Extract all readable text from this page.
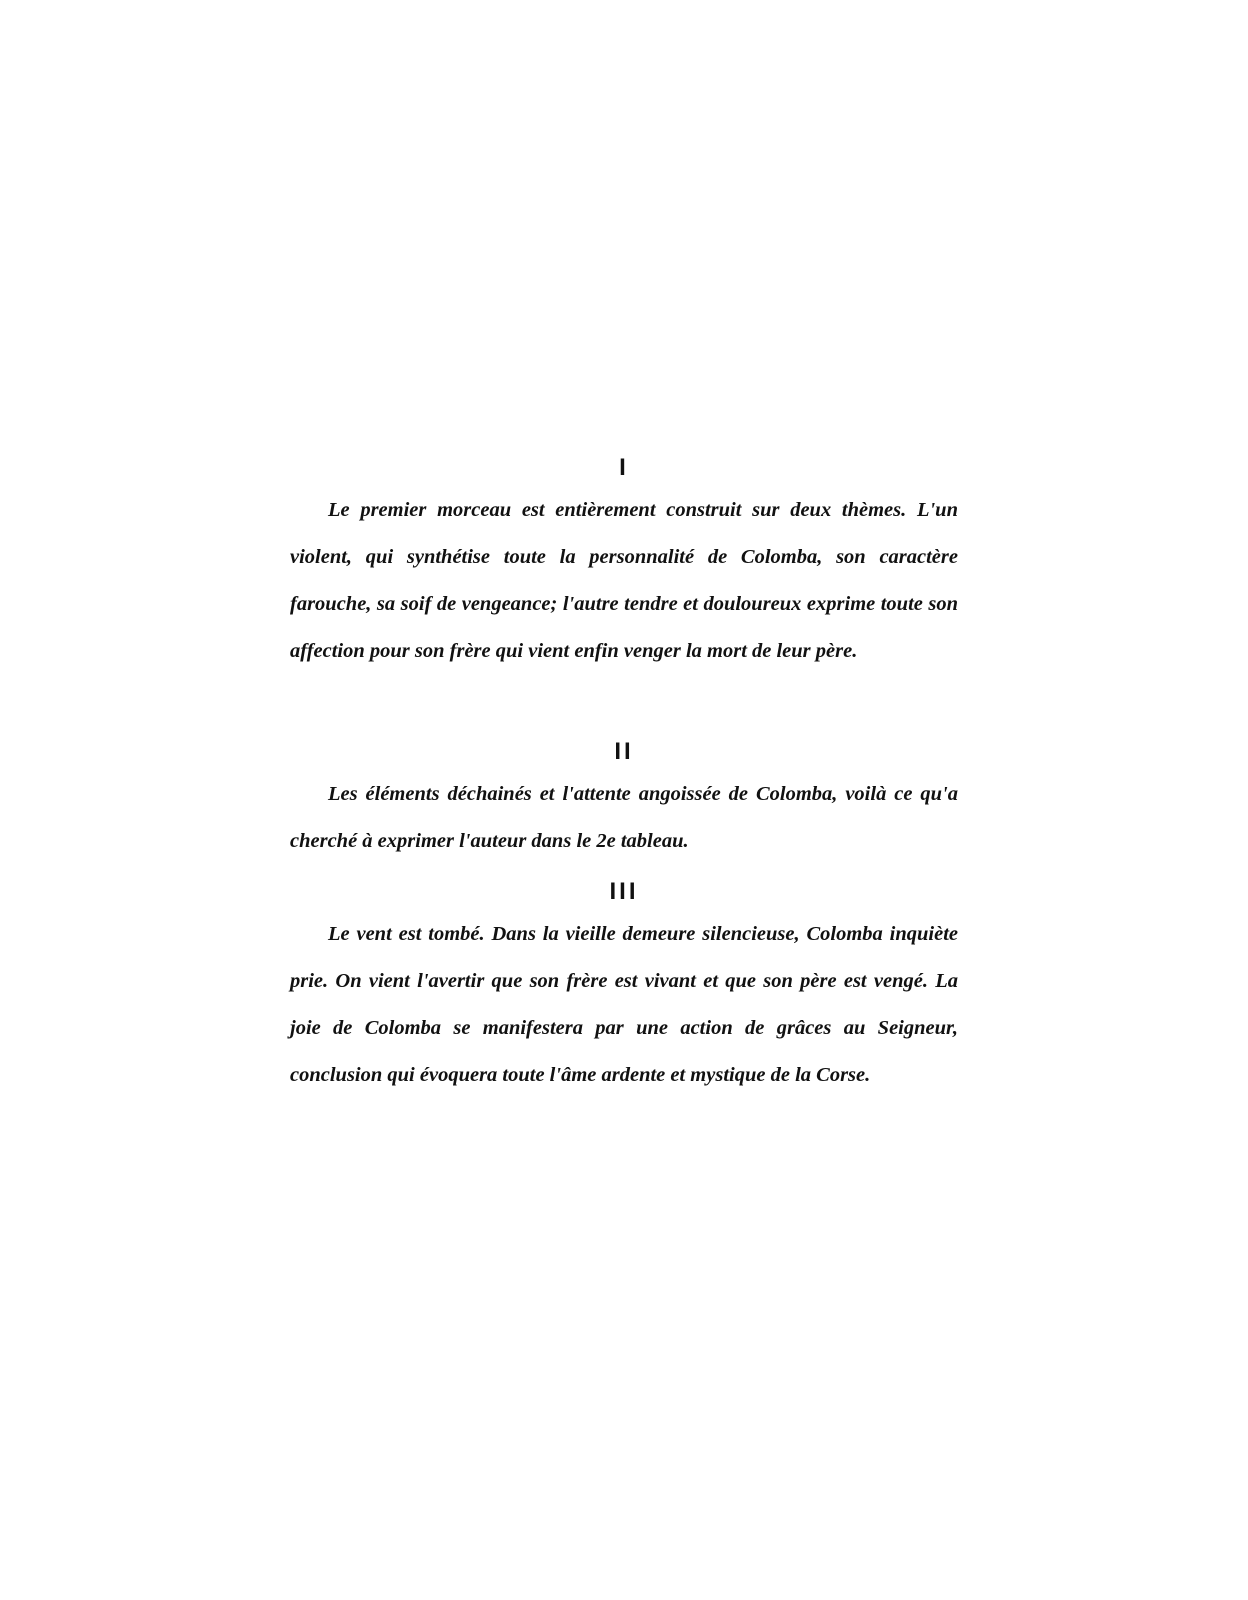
I

Le premier morceau est entièrement construit sur deux thèmes. L'un violent, qui synthétise toute la personnalité de Colomba, son caractère farouche, sa soif de vengeance; l'autre tendre et douloureux exprime toute son affection pour son frère qui vient enfin venger la mort de leur père.

II

Les éléments déchainés et l'attente angoissée de Colomba, voilà ce qu'a cherché à exprimer l'auteur dans le 2e tableau.

III

Le vent est tombé. Dans la vieille demeure silencieuse, Colomba inquiète prie. On vient l'avertir que son frère est vivant et que son père est vengé. La joie de Colomba se manifestera par une action de grâces au Seigneur, conclusion qui évoquera toute l'âme ardente et mystique de la Corse.
